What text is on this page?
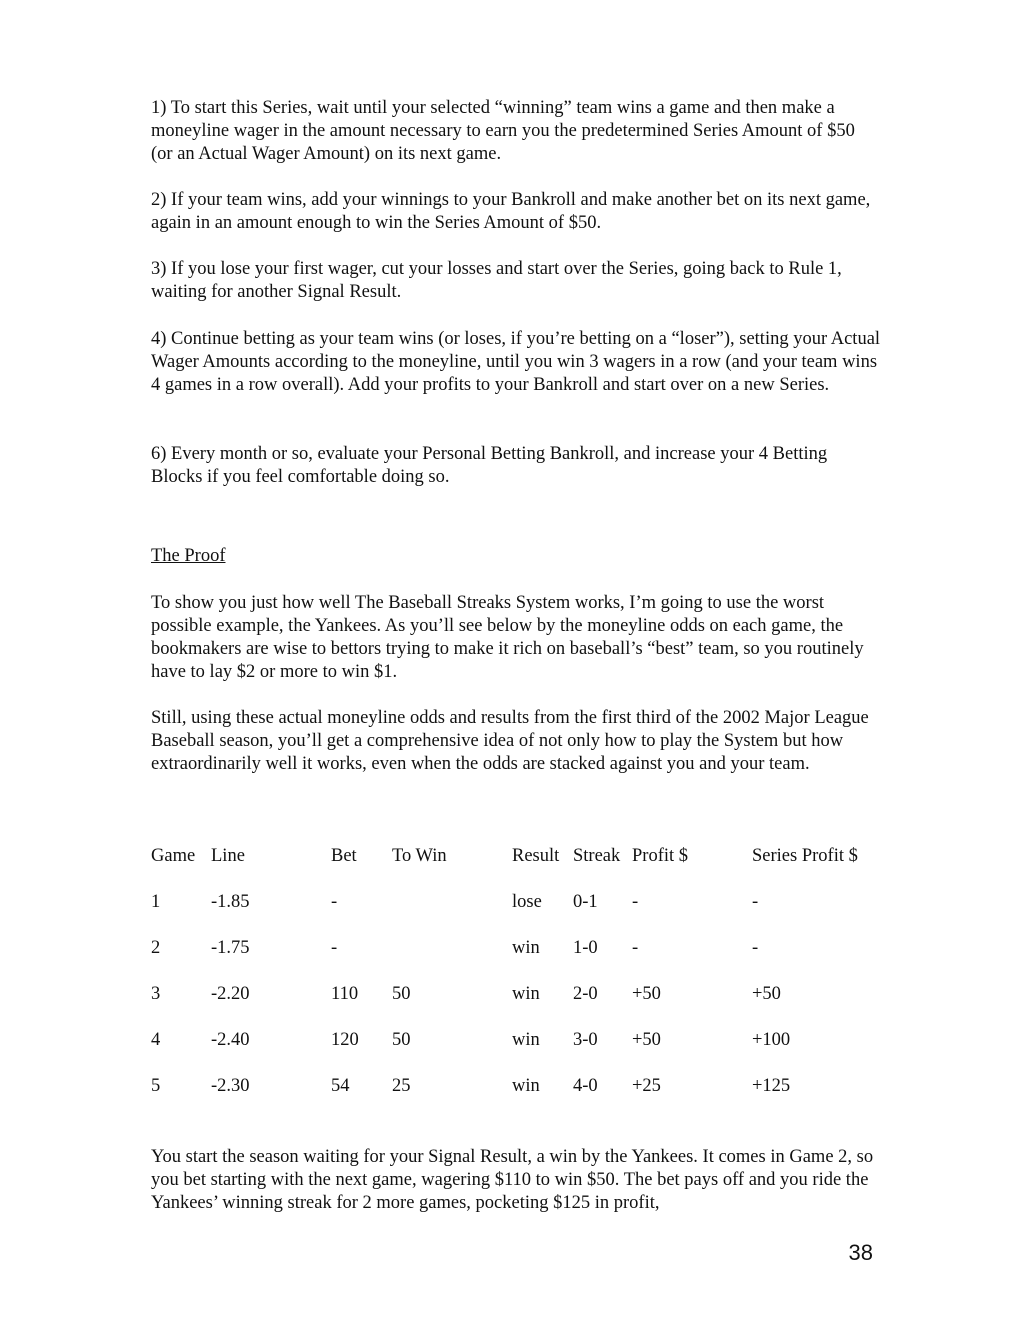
1) To start this Series, wait until your selected “winning” team wins a game and then make a moneyline wager in the amount necessary to earn you the predetermined Series Amount of $50 (or an Actual Wager Amount) on its next game.

2) If your team wins, add your winnings to your Bankroll and make another bet on its next game, again in an amount enough to win the Series Amount of $50.

3) If you lose your first wager, cut your losses and start over the Series, going back to Rule 1, waiting for another Signal Result.

4) Continue betting as your team wins (or loses, if you’re betting on a “loser”), setting your Actual Wager Amounts according to the moneyline, until you win 3 wagers in a row (and your team wins 4 games in a row overall). Add your profits to your Bankroll and start over on a new Series.

6) Every month or so, evaluate your Personal Betting Bankroll, and increase your 4 Betting Blocks if you feel comfortable doing so.

The Proof

To show you just how well The Baseball Streaks System works, I’m going to use the worst possible example, the Yankees. As you’ll see below by the moneyline odds on each game, the bookmakers are wise to bettors trying to make it rich on baseball’s “best” team, so you routinely have to lay $2 or more to win $1.

Still, using these actual moneyline odds and results from the first third of the 2002 Major League Baseball season, you’ll get a comprehensive idea of not only how to play the System but how extraordinarily well it works, even when the odds are stacked against you and your team.

Game Line	Bet To Win	Result Streak Profit $	Series Profit $
1	-1.85	-	lose 0-1 -	-
2	-1.75	-	win 1-0 -	-
3	-2.20	110 50	win 2-0 +50	+50
4	-2.40	120 50	win 3-0 +50	+100
5	-2.30	54 25	win 4-0 +25	+125

You start the season waiting for your Signal Result, a win by the Yankees. It comes in Game 2, so you bet starting with the next game, wagering $110 to win $50. The bet pays off and you ride the Yankees’ winning streak for 2 more games, pocketing $125 in profit,

38
